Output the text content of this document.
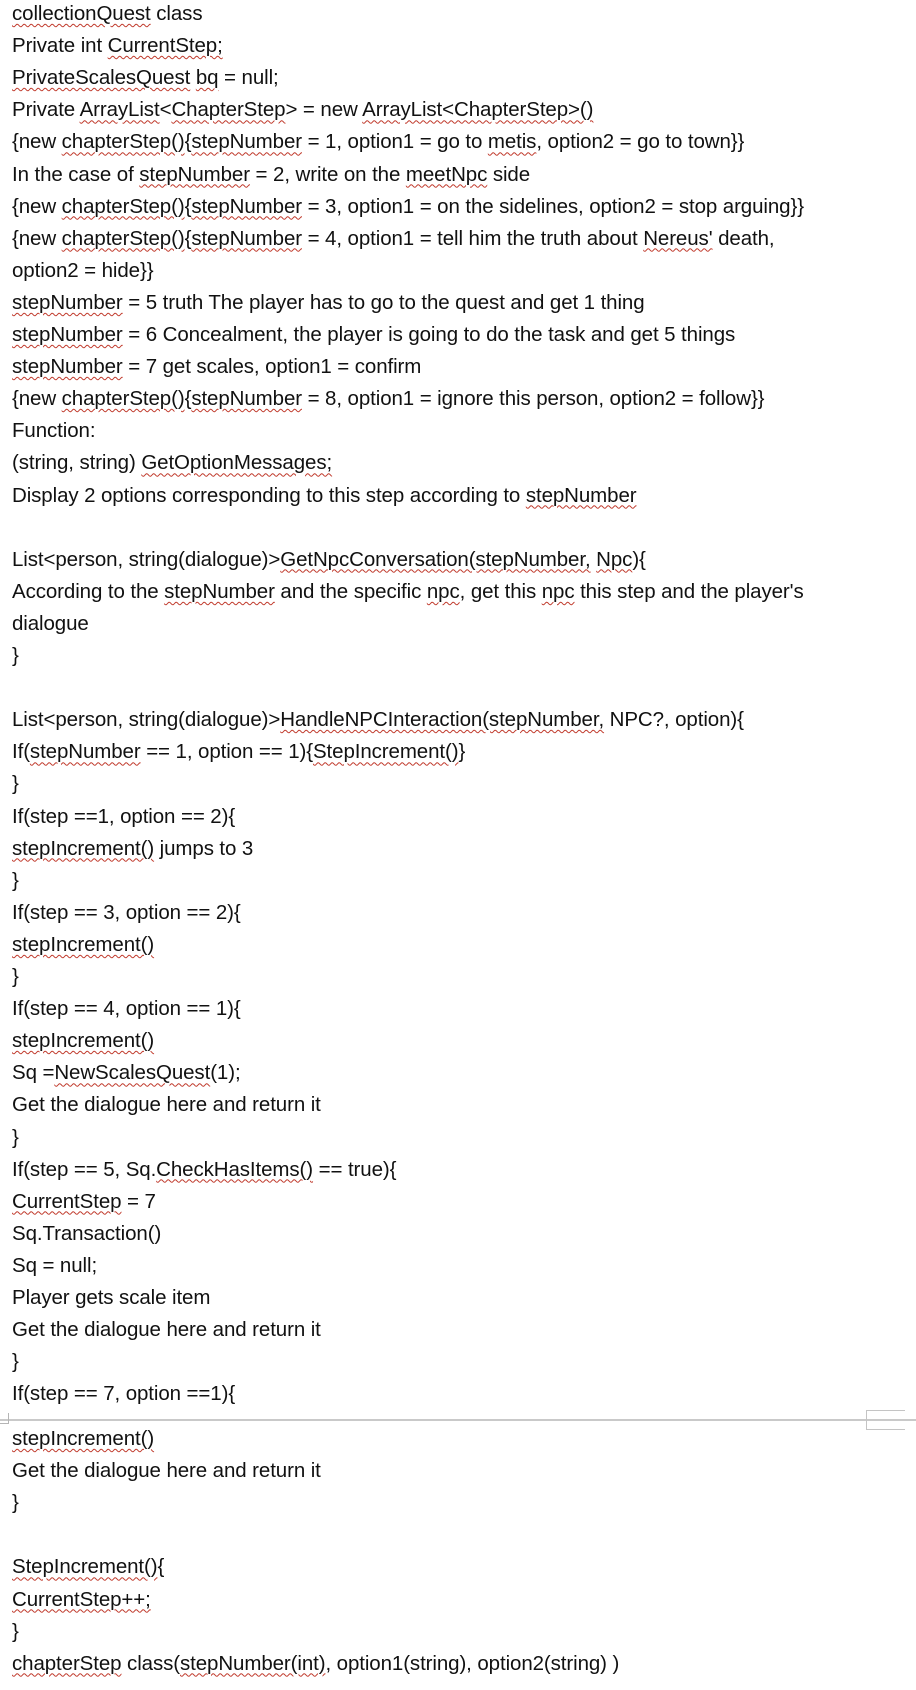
collectionQuest class
Private int CurrentStep;
PrivateScalesQuest bq = null;
Private ArrayList<ChapterStep> = new ArrayList<ChapterStep>()
{new chapterStep(){stepNumber = 1, option1 = go to metis, option2 = go to town}}
In the case of stepNumber = 2, write on the meetNpc side
{new chapterStep(){stepNumber = 3, option1 = on the sidelines, option2 = stop arguing}}
{new chapterStep(){stepNumber = 4, option1 = tell him the truth about Nereus' death,
option2 = hide}}
stepNumber = 5 truth The player has to go to the quest and get 1 thing
stepNumber = 6 Concealment, the player is going to do the task and get 5 things
stepNumber = 7 get scales, option1 = confirm
{new chapterStep(){stepNumber = 8, option1 = ignore this person, option2 = follow}}
Function:
(string, string) GetOptionMessages;
Display 2 options corresponding to this step according to stepNumber
List<person, string(dialogue)>GetNpcConversation(stepNumber, Npc){
According to the stepNumber and the specific npc, get this npc this step and the player's
dialogue
}
List<person, string(dialogue)>HandleNPCInteraction(stepNumber, NPC?, option){
If(stepNumber == 1, option == 1){StepIncrement()}
}
If(step ==1, option == 2){
stepIncrement() jumps to 3
}
If(step == 3, option == 2){
stepIncrement()
}
If(step == 4, option == 1){
stepIncrement()
Sq =NewScalesQuest(1);
Get the dialogue here and return it
}
If(step == 5, Sq.CheckHasItems() == true){
CurrentStep = 7
Sq.Transaction()
Sq = null;
Player gets scale item
Get the dialogue here and return it
}
If(step == 7, option ==1){
stepIncrement()
Get the dialogue here and return it
}
StepIncrement(){
CurrentStep++;
}
chapterStep class(stepNumber(int), option1(string), option2(string) )
